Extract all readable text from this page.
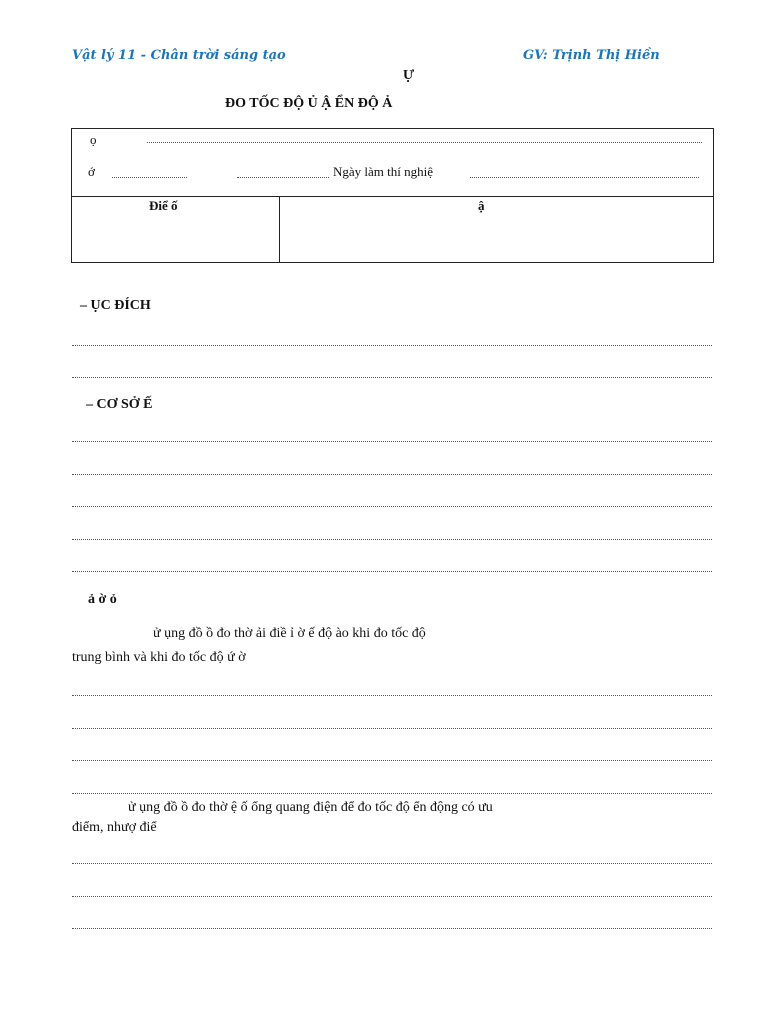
Vật lý 11 - Chân trời sáng tạo	GV: Trịnh Thị Hiền
Ự
ĐO TỐC ĐỘ Ủ Ậ ỂN ĐỘ Ả
ọ
ớ	Ngày làm thí nghiệ
Điể ố	ậ
– ỤC ĐÍCH
– CƠ SỞ Ế
ả ờ ỏ
ử ụng đồ ồ đo thờ ải điề ỉ ờ ế độ ào khi đo tốc độ
trung bình và khi đo tốc độ ứ ờ
ử ụng đồ ồ đo thờ ệ ố ổng quang điện để đo tốc độ ển động có ưu
điểm, nhượ điể
